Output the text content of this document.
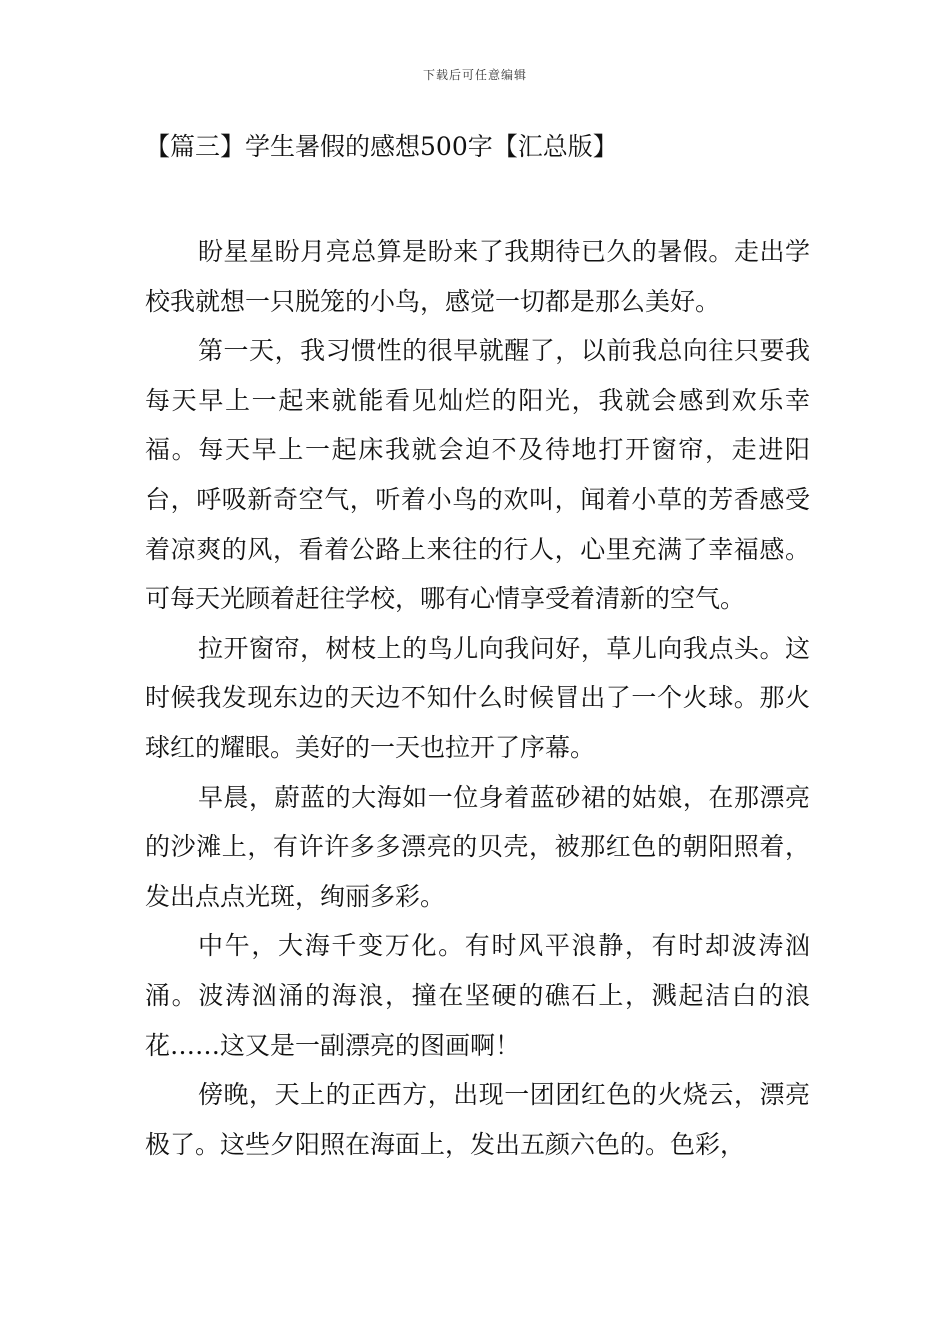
下载后可任意编辑
【篇三】学生暑假的感想500字【汇总版】

盼星星盼月亮总算是盼来了我期待已久的暑假。走出学校我就想一只脱笼的小鸟，感觉一切都是那么美好。

第一天，我习惯性的很早就醒了，以前我总向往只要我每天早上一起来就能看见灿烂的阳光，我就会感到欢乐幸福。每天早上一起床我就会迫不及待地打开窗帘，走进阳台，呼吸新奇空气，听着小鸟的欢叫，闻着小草的芳香感受着凉爽的风，看着公路上来往的行人，心里充满了幸福感。可每天光顾着赶往学校，哪有心情享受着清新的空气。

拉开窗帘，树枝上的鸟儿向我问好，草儿向我点头。这时候我发现东边的天边不知什么时候冒出了一个火球。那火球红的耀眼。美好的一天也拉开了序幕。

早晨，蔚蓝的大海如一位身着蓝砂裙的姑娘，在那漂亮的沙滩上，有许许多多漂亮的贝壳，被那红色的朝阳照着，发出点点光斑，绚丽多彩。

中午，大海千变万化。有时风平浪静，有时却波涛汹涌。波涛汹涌的海浪，撞在坚硬的礁石上，溅起洁白的浪花……这又是一副漂亮的图画啊！

傍晚，天上的正西方，出现一团团红色的火烧云，漂亮极了。这些夕阳照在海面上，发出五颜六色的。色彩，
